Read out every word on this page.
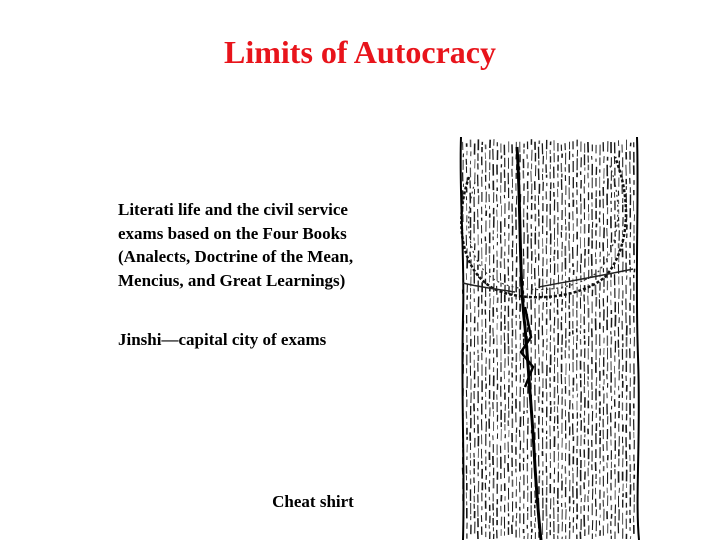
Limits of Autocracy
Literati life and the civil service
exams based on the Four Books
(Analects, Doctrine of the Mean,
Mencius, and Great Learnings)
Jinshi—capital city of exams
Cheat shirt
